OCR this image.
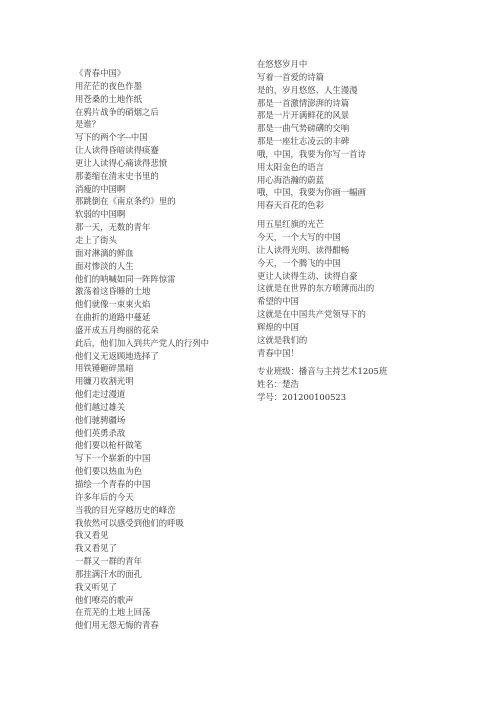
《青春中国》
用茫茫的夜色作墨
用苍桑的土地作纸
在鸦片战争的硝烟之后
是谁？
写下的两个字--中国
让人读得昏暗读得痰蹇
更让人读得心痛读得悲愤
那萎缩在清末史书里的
消瘦的中国啊
那跳倒在《南京条约》里的
软弱的中国啊
那一天，无数的青年
走上了街头
面对淋漓的鲜血
面对惨淡的人生
他们的呐喊如同一阵阵惊雷
激荡着这昏睡的土地
他们就像一束束火焰
在曲折的道路中蔓延
盛开成五月绚丽的花朵
此后，他们加入到共产党人的行列中
他们义无返顾地选择了
用铁锤砸碎黑暗
用镰刀收割光明
他们走过漫道
他们越过雄关
他们驰骋疆场
他们英勇杀敌
他们要以枪杆做笔
写下一个崭新的中国
他们要以热血为色
描绘一个青春的中国
许多年后的今天
当我的目光穿越历史的峰峦
我依然可以感受到他们的呼吸
我又看见
我又看见了
一群又一群的青年
那挂满汗水的面孔
我又听见了
他们嘹亮的歌声
在荒芜的土地上回荡
他们用无怨无悔的青春
在悠悠岁月中
写着一首爱的诗篇
是的，岁月悠悠、人生漫漫
那是一首激情澎湃的诗篇
那是一片开满鲜花的风景
那是一曲气势磅礴的交响
那是一座壮志凌云的丰碑
哦，中国，我要为你写一首诗
用太阳金色的语言
用心海浩瀚的蔚蓝
哦，中国，我要为你画一幅画
用春天百花的色彩
用五星红旗的光芒
今天，一个大写的中国
让人读得光明、读得酣畅
今天，一个腾飞的中国
更让人读得生动、读得自豪
这就是在世界的东方喷薄而出的
希望的中国
这就是在中国共产党领导下的
辉煌的中国
这就是我们的
青春中国！
专业班级：播音与主持艺术1205班
姓名：楚浩
学号：201200100523
